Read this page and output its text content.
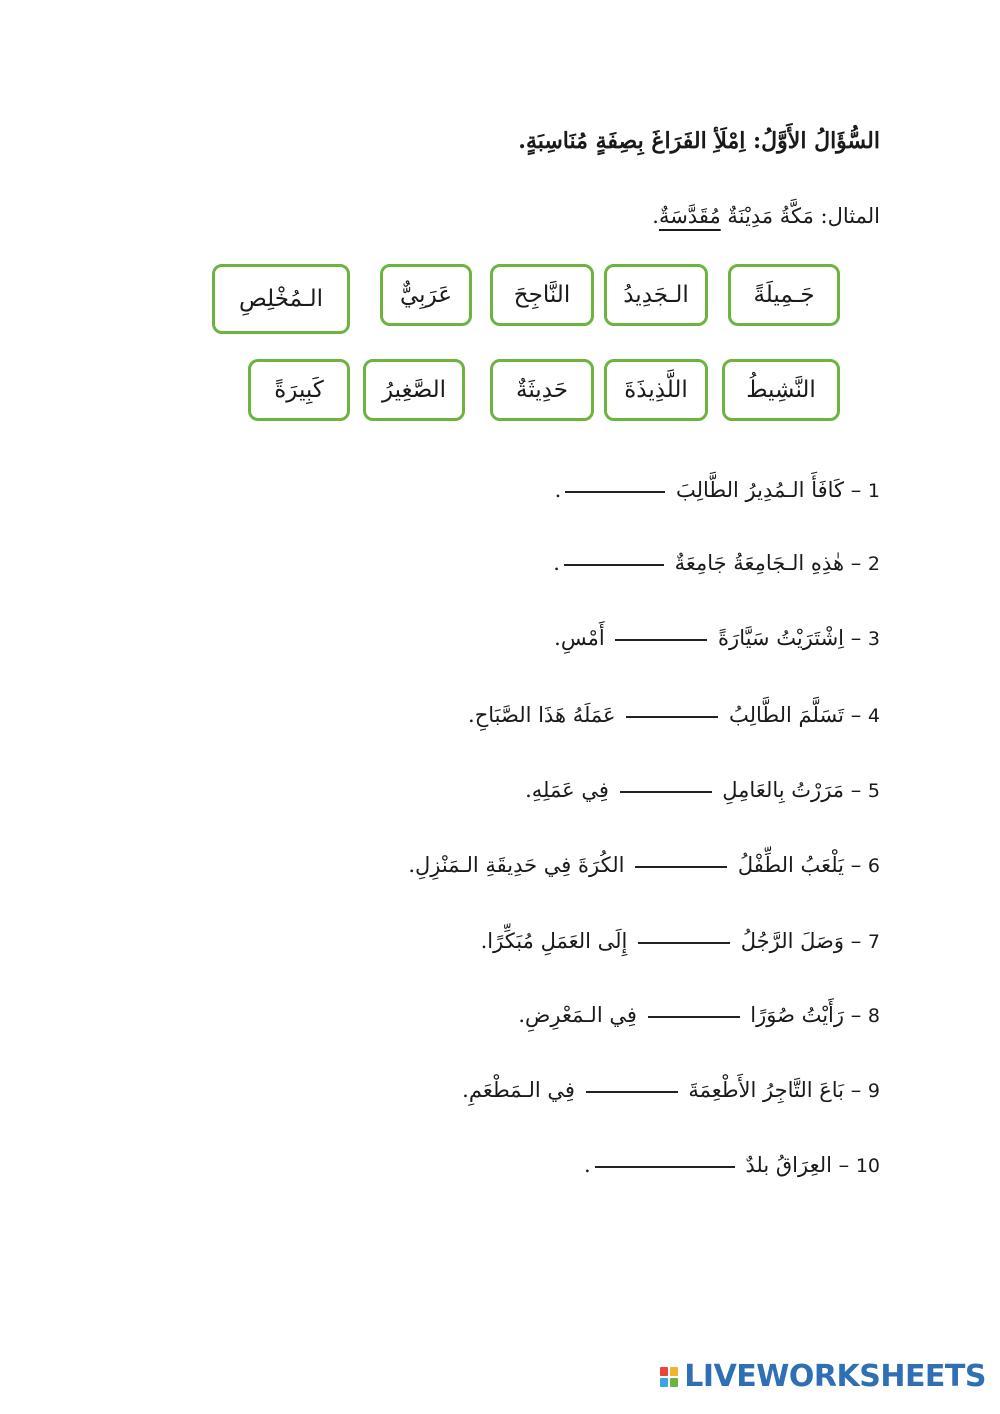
السُّؤَالُ الأَوَّلُ: اِمْلَأِ الفَرَاغَ بِصِفَةٍ مُنَاسِبَةٍ.
المثال: مَكَّةُ مَدِيْنَةٌ مُقَدَّسَةٌ.
جَـمِيلَةً
الـجَدِيدُ
النَّاجِحَ
عَرَبِيٌّ
الـمُخْلِصِ
النَّشِيطُ
اللَّذِيذَةَ
حَدِيثَةٌ
الصَّغِيرُ
كَبِيرَةً
1 – كَافَأَ الـمُدِيرُ الطَّالِبَ .
2 – هٰذِهِ الـجَامِعَةُ جَامِعَةٌ .
3 – اِشْتَرَيْتُ سَيَّارَةً  أَمْسِ.
4 – تَسَلَّمَ الطَّالِبُ  عَمَلَهُ هَذَا الصَّبَاحِ.
5 – مَرَرْتُ بِالعَامِلِ  فِي عَمَلِهِ.
6 – يَلْعَبُ الطِّفْلُ  الكُرَةَ فِي حَدِيقَةِ الـمَنْزِلِ.
7 – وَصَلَ الرَّجُلُ  إِلَى العَمَلِ مُبَكِّرًا.
8 – رَأَيْتُ صُوَرًا  فِي الـمَعْرِضِ.
9 – بَاعَ التَّاجِرُ الأَطْعِمَةَ  فِي الـمَطْعَمِ.
10 – العِرَاقُ بلدٌ .
LIVEWORKSHEETS
